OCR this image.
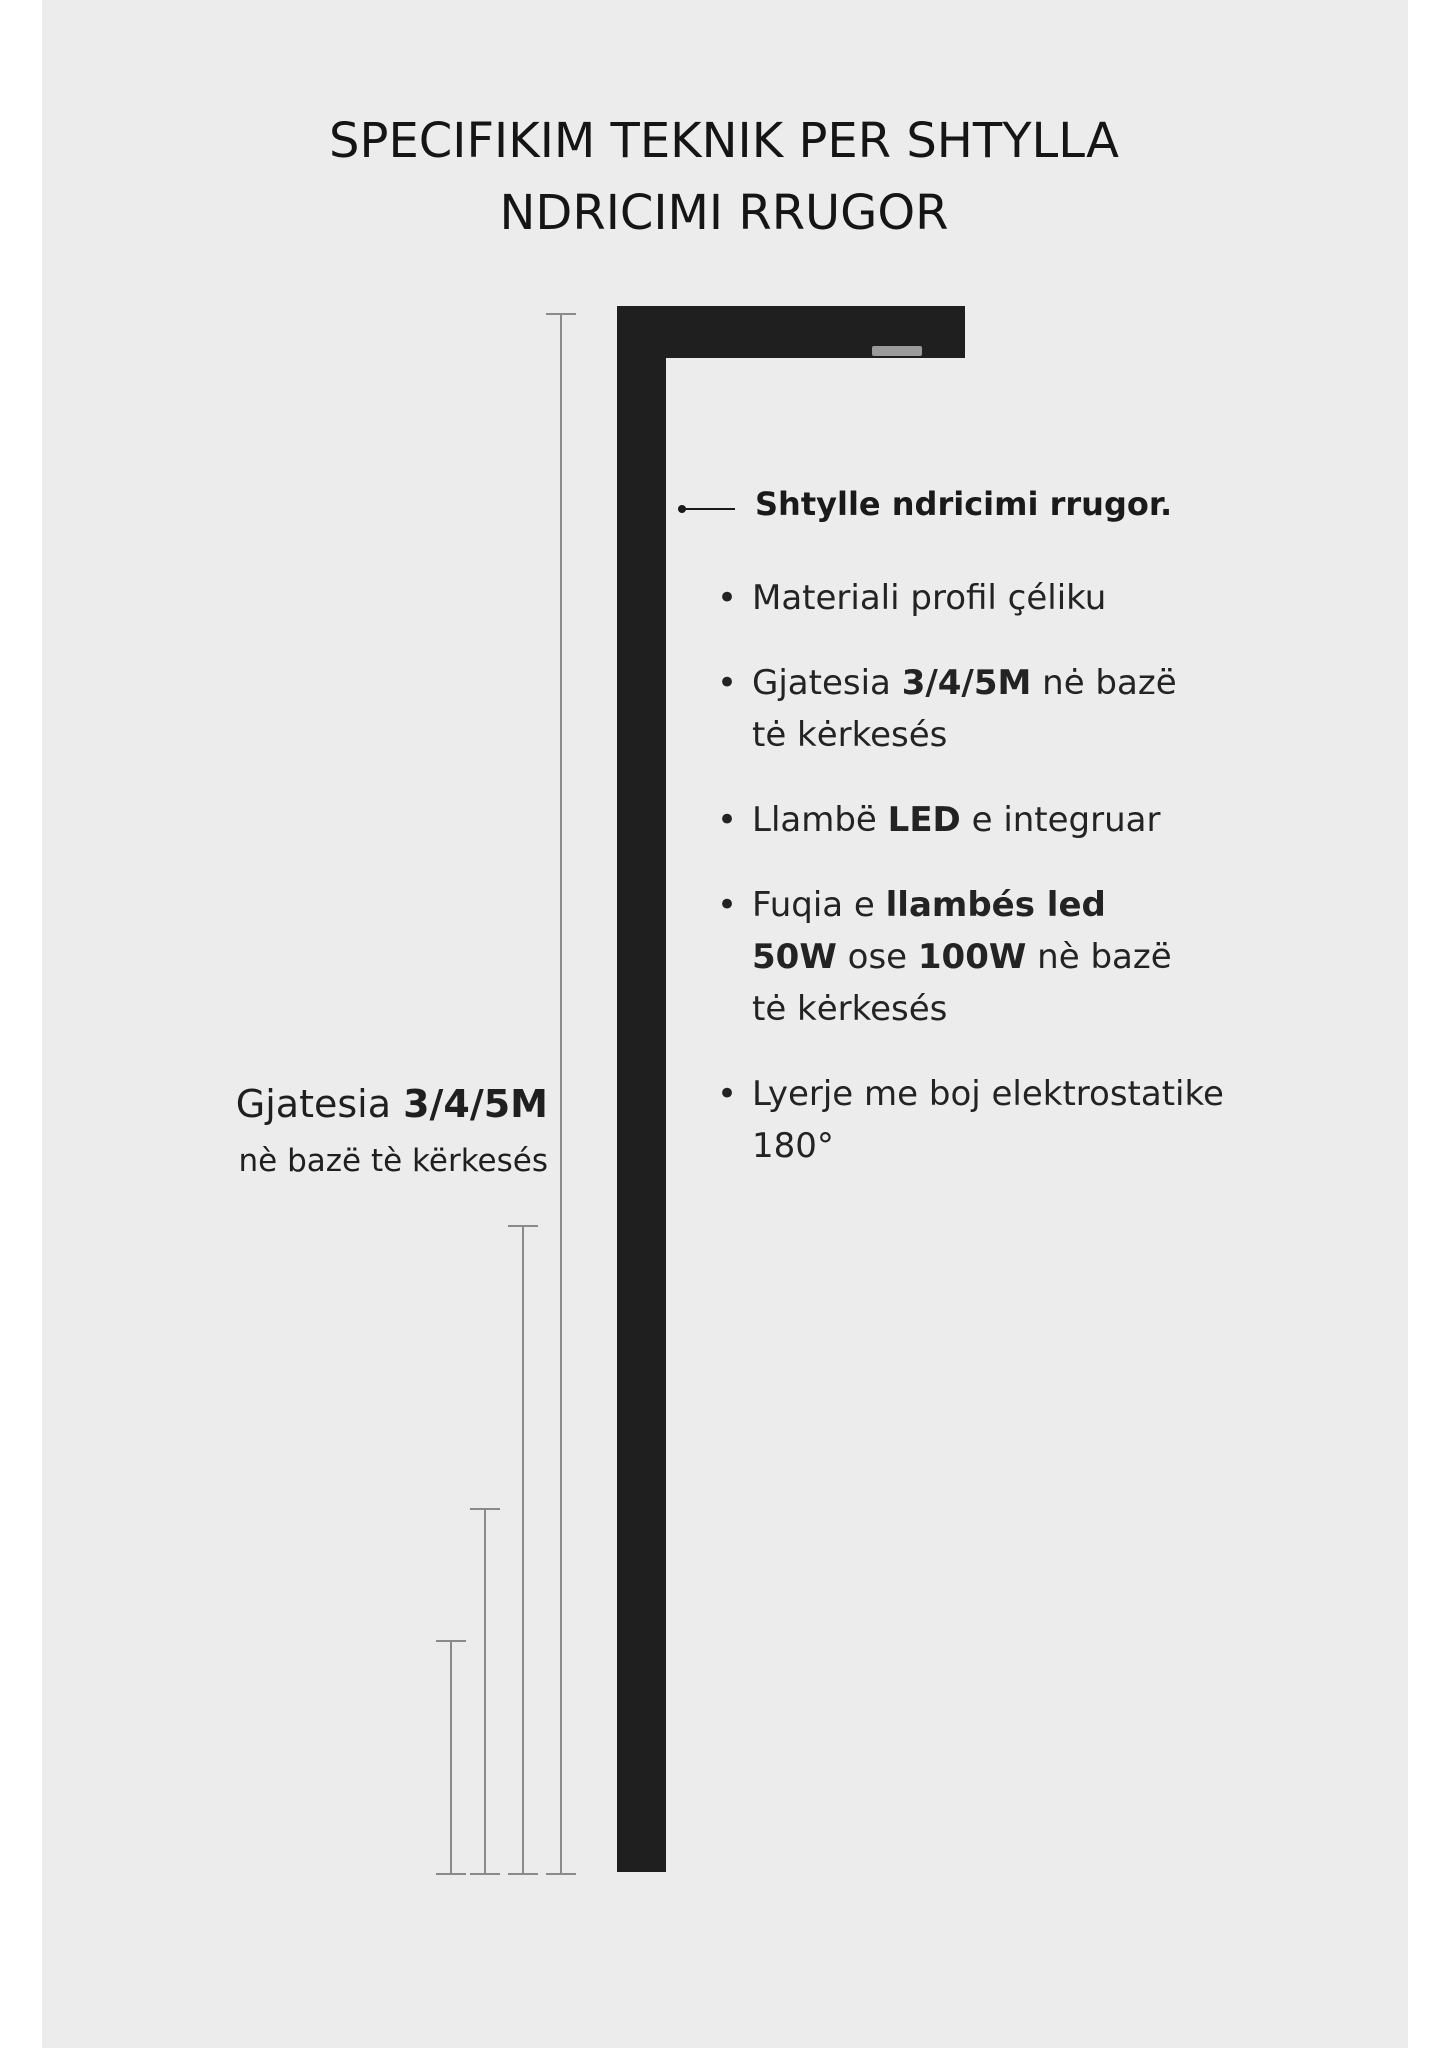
SPECIFIKIM TEKNIK PER SHTYLLA
NDRICIMI RRUGOR

Shtylle ndricimi rrugor.

• Materiali profil çéliku
• Gjatesia 3/4/5M nė bazë
tė kėrkesés
• Llambë LED e integruar
• Fuqia e llambés led
50W ose 100W nè bazë
tė kėrkesés
• Lyerje me boj elektrostatike
180°
Gjatesia 3/4/5M
nè bazë tè kërkesés
